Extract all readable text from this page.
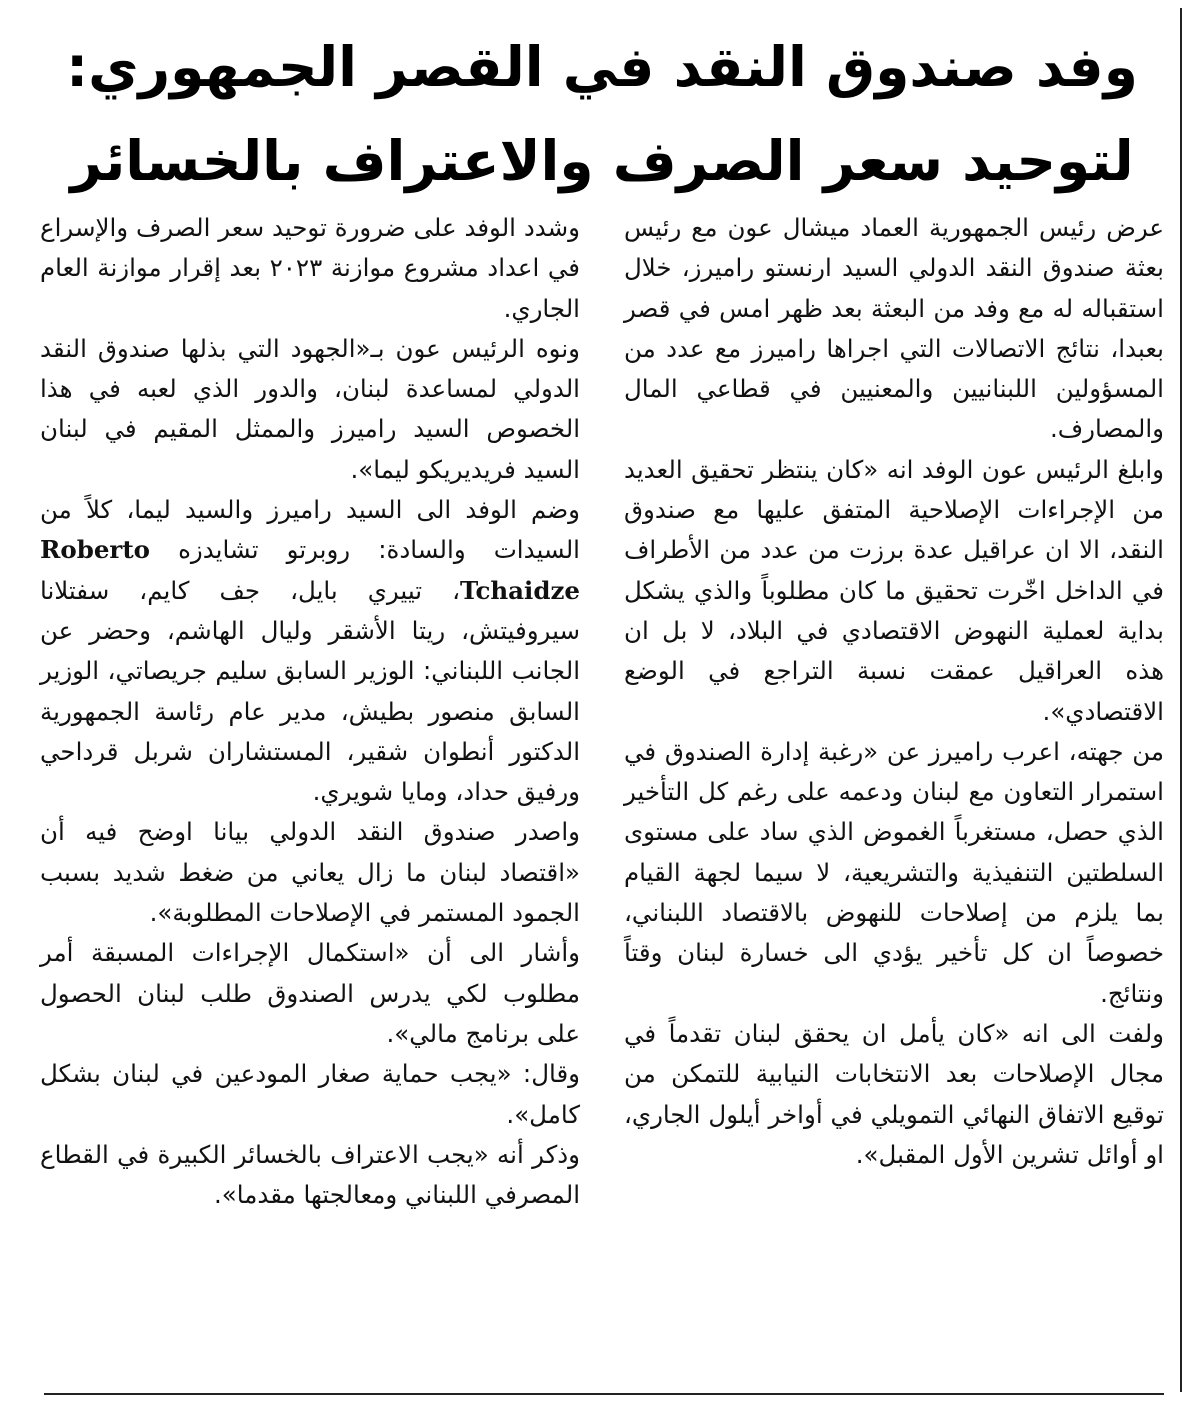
وفد صندوق النقد في القصر الجمهوري:
لتوحيد سعر الصرف والاعتراف بالخسائر

عرض رئيس الجمهورية العماد ميشال عون مع رئيس بعثة صندوق النقد الدولي السيد ارنستو راميرز، خلال استقباله له مع وفد من البعثة بعد ظهر امس في قصر بعبدا، نتائج الاتصالات التي اجراها راميرز مع عدد من المسؤولين اللبنانيين والمعنيين في قطاعي المال والمصارف.

وابلغ الرئيس عون الوفد انه «كان ينتظر تحقيق العديد من الإجراءات الإصلاحية المتفق عليها مع صندوق النقد، الا ان عراقيل عدة برزت من عدد من الأطراف في الداخل اخّرت تحقيق ما كان مطلوباً والذي يشكل بداية لعملية النهوض الاقتصادي في البلاد، لا بل ان هذه العراقيل عمقت نسبة التراجع في الوضع الاقتصادي».

من جهته، اعرب راميرز عن «رغبة إدارة الصندوق في استمرار التعاون مع لبنان ودعمه على رغم كل التأخير الذي حصل، مستغرباً الغموض الذي ساد على مستوى السلطتين التنفيذية والتشريعية، لا سيما لجهة القيام بما يلزم من إصلاحات للنهوض بالاقتصاد اللبناني، خصوصاً ان كل تأخير يؤدي الى خسارة لبنان وقتاً ونتائج.

ولفت الى انه «كان يأمل ان يحقق لبنان تقدماً في مجال الإصلاحات بعد الانتخابات النيابية للتمكن من توقيع الاتفاق النهائي التمويلي في أواخر أيلول الجاري، او أوائل تشرين الأول المقبل».

وشدد الوفد على ضرورة توحيد سعر الصرف والإسراع في اعداد مشروع موازنة ٢٠٢٣ بعد إقرار موازنة العام الجاري.

ونوه الرئيس عون بـ«الجهود التي بذلها صندوق النقد الدولي لمساعدة لبنان، والدور الذي لعبه في هذا الخصوص السيد راميرز والممثل المقيم في لبنان السيد فريديريكو ليما».

وضم الوفد الى السيد راميرز والسيد ليما، كلاً من السيدات والسادة: روبرتو تشايدزه Roberto Tchaidze، تييري بايل، جف كايم، سفتلانا سيروفيتش، ريتا الأشقر وليال الهاشم، وحضر عن الجانب اللبناني: الوزير السابق سليم جريصاتي، الوزير السابق منصور بطيش، مدير عام رئاسة الجمهورية الدكتور أنطوان شقير، المستشاران شربل قرداحي ورفيق حداد، ومايا شويري.

واصدر صندوق النقد الدولي بيانا اوضح فيه أن «اقتصاد لبنان ما زال يعاني من ضغط شديد بسبب الجمود المستمر في الإصلاحات المطلوبة».

وأشار الى أن «استكمال الإجراءات المسبقة أمر مطلوب لكي يدرس الصندوق طلب لبنان الحصول على برنامج مالي».

وقال: «يجب حماية صغار المودعين في لبنان بشكل كامل».

وذكر أنه «يجب الاعتراف بالخسائر الكبيرة في القطاع المصرفي اللبناني ومعالجتها مقدما».
